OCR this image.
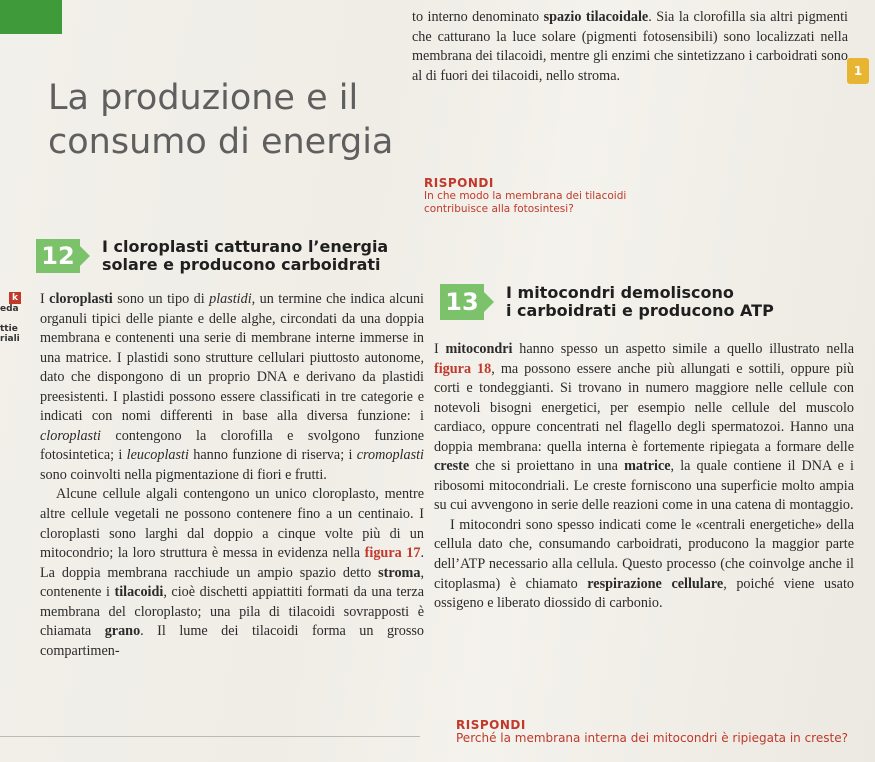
1
La produzione e il
consumo di energia

to interno denominato spazio tilacoidale. Sia la clorofilla sia altri pigmenti che catturano la luce solare (pigmenti fotosensibili) sono localizzati nella membrana dei tilacoidi, mentre gli enzimi che sintetizzano i carboidrati sono al di fuori dei tilacoidi, nello stroma.

RISPONDI
In che modo la membrana dei tilacoidi contribuisce alla fotosintesi?
12	I cloroplasti catturano l’energia
solare e producono carboidrati
k
eda
ttie
riali

I cloroplasti sono un tipo di plastidi, un termine che indica alcuni organuli tipici delle piante e delle alghe, circondati da una doppia membrana e contenenti una serie di membrane interne immerse in una matrice. I plastidi sono strutture cellulari piuttosto autonome, dato che dispongono di un proprio DNA e derivano da plastidi preesistenti. I plastidi possono essere classificati in tre categorie e indicati con nomi differenti in base alla diversa funzione: i cloroplasti contengono la clorofilla e svolgono funzione fotosintetica; i leucoplasti hanno funzione di riserva; i cromoplasti sono coinvolti nella pigmentazione di fiori e frutti.

Alcune cellule algali contengono un unico cloroplasto, mentre altre cellule vegetali ne possono contenere fino a un centinaio. I cloroplasti sono larghi dal doppio a cinque volte più di un mitocondrio; la loro struttura è messa in evidenza nella figura 17. La doppia membrana racchiude un ampio spazio detto stroma, contenente i tilacoidi, cioè dischetti appiattiti formati da una terza membrana del cloroplasto; una pila di tilacoidi sovrapposti è chiamata grano. Il lume dei tilacoidi forma un grosso compartimen-

13	I mitocondri demoliscono
i carboidrati e producono ATP

I mitocondri hanno spesso un aspetto simile a quello illustrato nella figura 18, ma possono essere anche più allungati e sottili, oppure più corti e tondeggianti. Si trovano in numero maggiore nelle cellule con notevoli bisogni energetici, per esempio nelle cellule del muscolo cardiaco, oppure concentrati nel flagello degli spermatozoi. Hanno una doppia membrana: quella interna è fortemente ripiegata a formare delle creste che si proiettano in una matrice, la quale contiene il DNA e i ribosomi mitocondriali. Le creste forniscono una superficie molto ampia su cui avvengono in serie delle reazioni come in una catena di montaggio.

I mitocondri sono spesso indicati come le «centrali energetiche» della cellula dato che, consumando carboidrati, producono la maggior parte dell’ATP necessario alla cellula. Questo processo (che coinvolge anche il citoplasma) è chiamato respirazione cellulare, poiché viene usato ossigeno e liberato diossido di carbonio.

RISPONDI
Perché la membrana interna dei mitocondri è ripiegata in creste?
